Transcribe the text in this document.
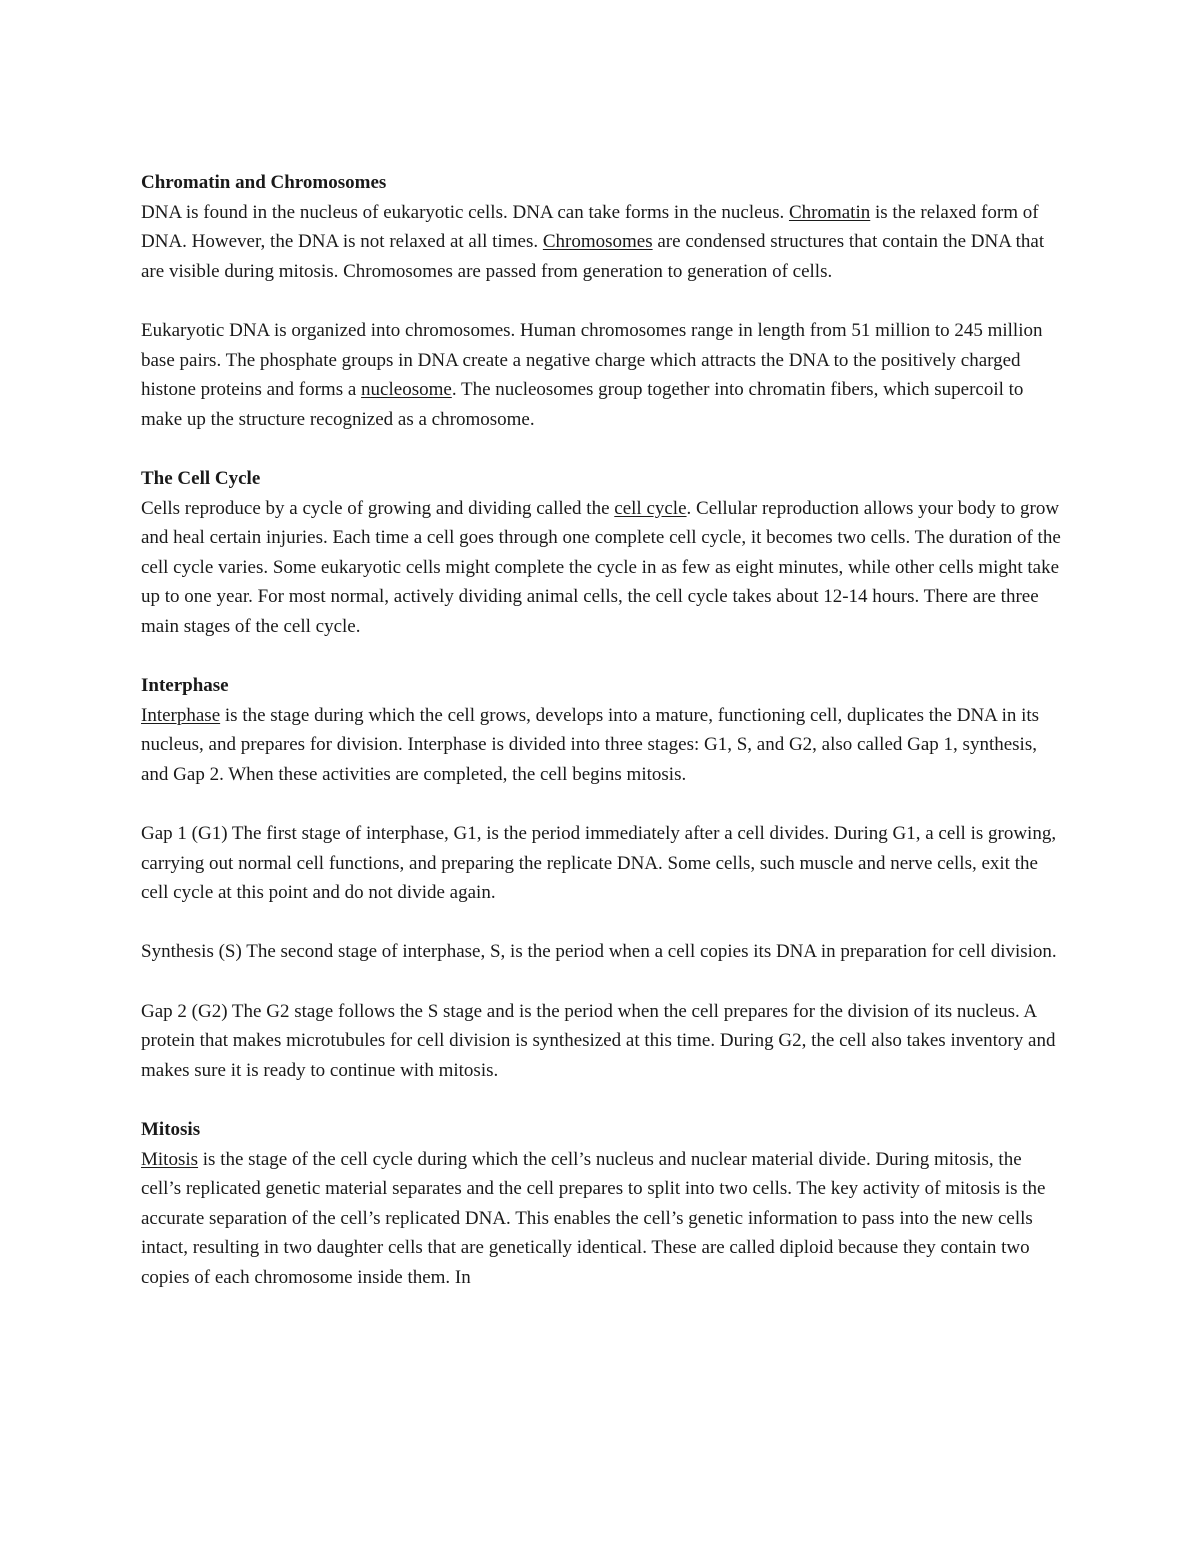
Chromatin and Chromosomes

DNA is found in the nucleus of eukaryotic cells. DNA can take forms in the nucleus. Chromatin is the relaxed form of DNA. However, the DNA is not relaxed at all times. Chromosomes are condensed structures that contain the DNA that are visible during mitosis. Chromosomes are passed from generation to generation of cells.

Eukaryotic DNA is organized into chromosomes. Human chromosomes range in length from 51 million to 245 million base pairs. The phosphate groups in DNA create a negative charge which attracts the DNA to the positively charged histone proteins and forms a nucleosome. The nucleosomes group together into chromatin fibers, which supercoil to make up the structure recognized as a chromosome.

The Cell Cycle

Cells reproduce by a cycle of growing and dividing called the cell cycle. Cellular reproduction allows your body to grow and heal certain injuries. Each time a cell goes through one complete cell cycle, it becomes two cells. The duration of the cell cycle varies. Some eukaryotic cells might complete the cycle in as few as eight minutes, while other cells might take up to one year. For most normal, actively dividing animal cells, the cell cycle takes about 12-14 hours. There are three main stages of the cell cycle.

Interphase

Interphase is the stage during which the cell grows, develops into a mature, functioning cell, duplicates the DNA in its nucleus, and prepares for division. Interphase is divided into three stages: G1, S, and G2, also called Gap 1, synthesis, and Gap 2. When these activities are completed, the cell begins mitosis.

Gap 1 (G1) The first stage of interphase, G1, is the period immediately after a cell divides. During G1, a cell is growing, carrying out normal cell functions, and preparing the replicate DNA. Some cells, such muscle and nerve cells, exit the cell cycle at this point and do not divide again.

Synthesis (S) The second stage of interphase, S, is the period when a cell copies its DNA in preparation for cell division.

Gap 2 (G2) The G2 stage follows the S stage and is the period when the cell prepares for the division of its nucleus. A protein that makes microtubules for cell division is synthesized at this time. During G2, the cell also takes inventory and makes sure it is ready to continue with mitosis.

Mitosis

Mitosis is the stage of the cell cycle during which the cell’s nucleus and nuclear material divide. During mitosis, the cell’s replicated genetic material separates and the cell prepares to split into two cells. The key activity of mitosis is the accurate separation of the cell’s replicated DNA. This enables the cell’s genetic information to pass into the new cells intact, resulting in two daughter cells that are genetically identical. These are called diploid because they contain two copies of each chromosome inside them. In
